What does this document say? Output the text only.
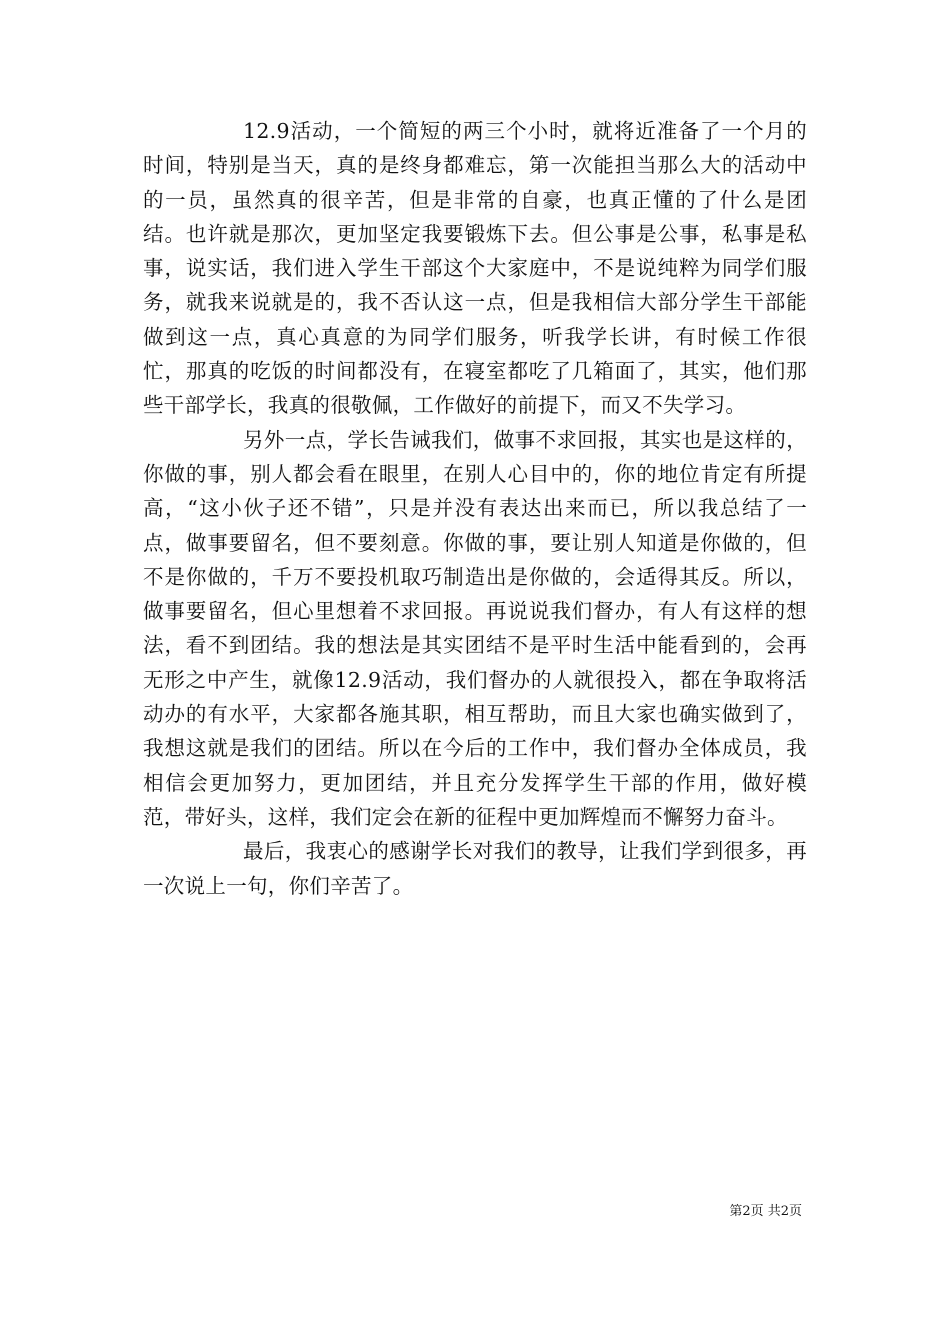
12.9活动，一个简短的两三个小时，就将近准备了一个月的时间，特别是当天，真的是终身都难忘，第一次能担当那么大的活动中的一员，虽然真的很辛苦，但是非常的自豪，也真正懂的了什么是团结。也许就是那次，更加坚定我要锻炼下去。但公事是公事，私事是私事，说实话，我们进入学生干部这个大家庭中，不是说纯粹为同学们服务，就我来说就是的，我不否认这一点，但是我相信大部分学生干部能做到这一点，真心真意的为同学们服务，听我学长讲，有时候工作很忙，那真的吃饭的时间都没有，在寝室都吃了几箱面了，其实，他们那些干部学长，我真的很敬佩，工作做好的前提下，而又不失学习。

另外一点，学长告诫我们，做事不求回报，其实也是这样的，你做的事，别人都会看在眼里，在别人心目中的，你的地位肯定有所提高，“这小伙子还不错”，只是并没有表达出来而已，所以我总结了一点，做事要留名，但不要刻意。你做的事，要让别人知道是你做的，但不是你做的，千万不要投机取巧制造出是你做的，会适得其反。所以，做事要留名，但心里想着不求回报。再说说我们督办，有人有这样的想法，看不到团结。我的想法是其实团结不是平时生活中能看到的，会再无形之中产生，就像12.9活动，我们督办的人就很投入，都在争取将活动办的有水平，大家都各施其职，相互帮助，而且大家也确实做到了，我想这就是我们的团结。所以在今后的工作中，我们督办全体成员，我相信会更加努力，更加团结，并且充分发挥学生干部的作用，做好模范，带好头，这样，我们定会在新的征程中更加辉煌而不懈努力奋斗。

最后，我衷心的感谢学长对我们的教导，让我们学到很多，再一次说上一句，你们辛苦了。

第2页 共2页
